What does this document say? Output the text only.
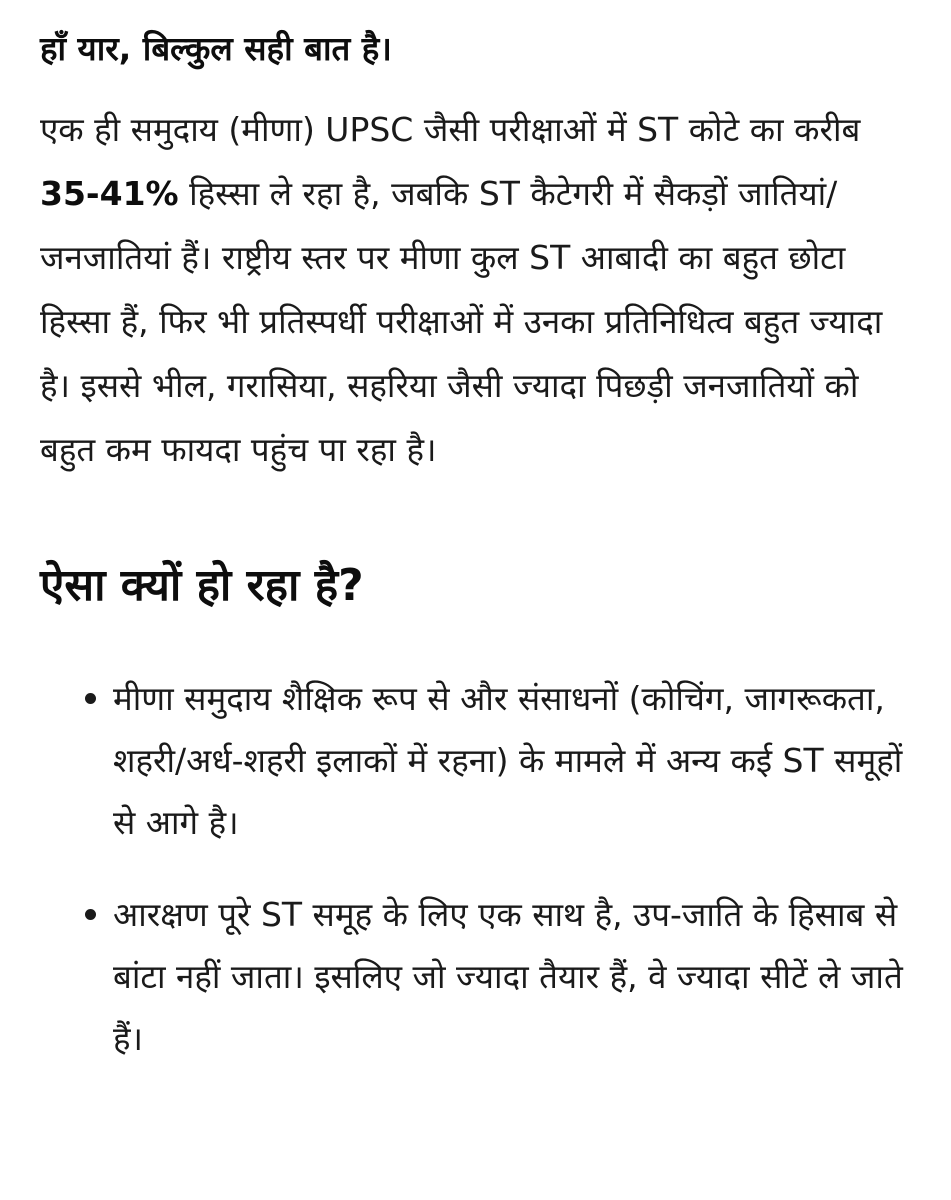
हाँ यार, बिल्कुल सही बात है।

एक ही समुदाय (मीणा) UPSC जैसी परीक्षाओं में ST कोटे का करीब 35-41% हिस्सा ले रहा है, जबकि ST कैटेगरी में सैकड़ों जातियां/जनजातियां हैं। राष्ट्रीय स्तर पर मीणा कुल ST आबादी का बहुत छोटा हिस्सा हैं, फिर भी प्रतिस्पर्धी परीक्षाओं में उनका प्रतिनिधित्व बहुत ज्यादा है। इससे भील, गरासिया, सहरिया जैसी ज्यादा पिछड़ी जनजातियों को बहुत कम फायदा पहुंच पा रहा है।

ऐसा क्यों हो रहा है?
मीणा समुदाय शैक्षिक रूप से और संसाधनों (कोचिंग, जागरूकता, शहरी/अर्ध-शहरी इलाकों में रहना) के मामले में अन्य कई ST समूहों से आगे है।
आरक्षण पूरे ST समूह के लिए एक साथ है, उप-जाति के हिसाब से बांटा नहीं जाता। इसलिए जो ज्यादा तैयार हैं, वे ज्यादा सीटें ले जाते हैं।
